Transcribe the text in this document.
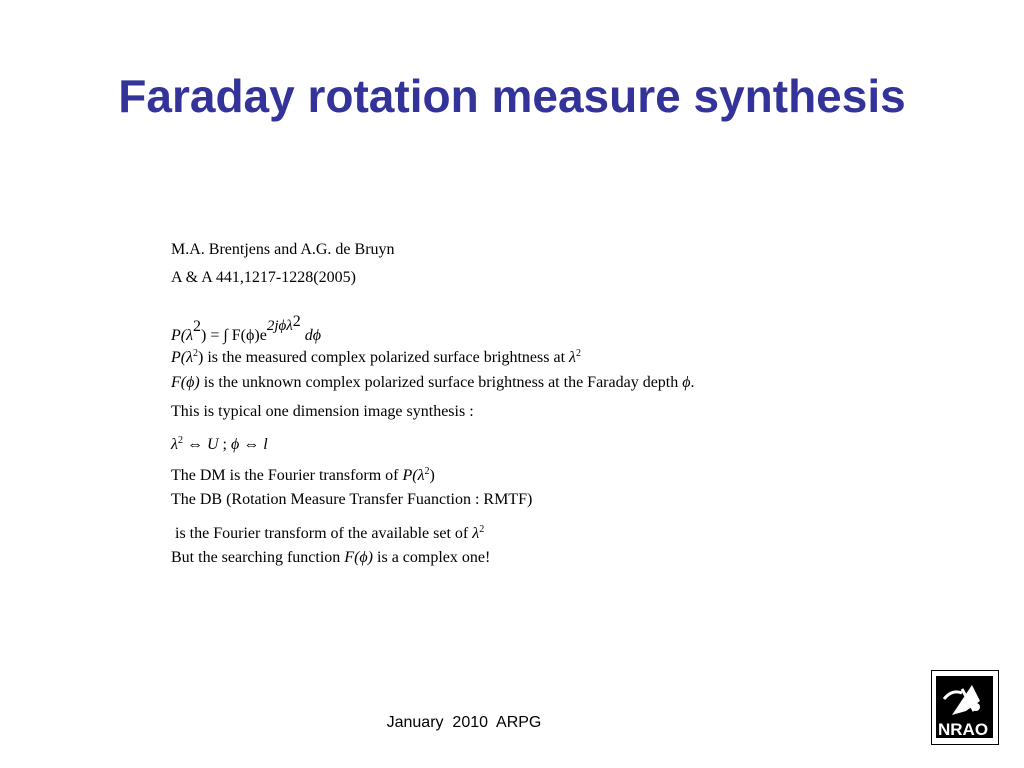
Faraday rotation measure synthesis
M.A. Brentjens and A.G. de Bruyn
A & A 441,1217-1228(2005)
P(λ2) = ∫ F(ϕ)e2jϕλ2 dϕ
$P(\lambda^2)$ is the measured complex polarized surface brightness at $\lambda^2$
F(ϕ) is the unknown complex polarized surface brightness at the Faraday depth ϕ.
This is typical one dimension image synthesis :
$\lambda^2$ ⇔ U ; ϕ ⇔ l
The DM is the Fourier transform of $P(\lambda^2)$
The DB (Rotation Measure Transfer Fuanction : RMTF)
is the Fourier transform of the available set of $\lambda^2$
But the searching function F(ϕ) is a complex one!
January  2010  ARPG	NRAO
